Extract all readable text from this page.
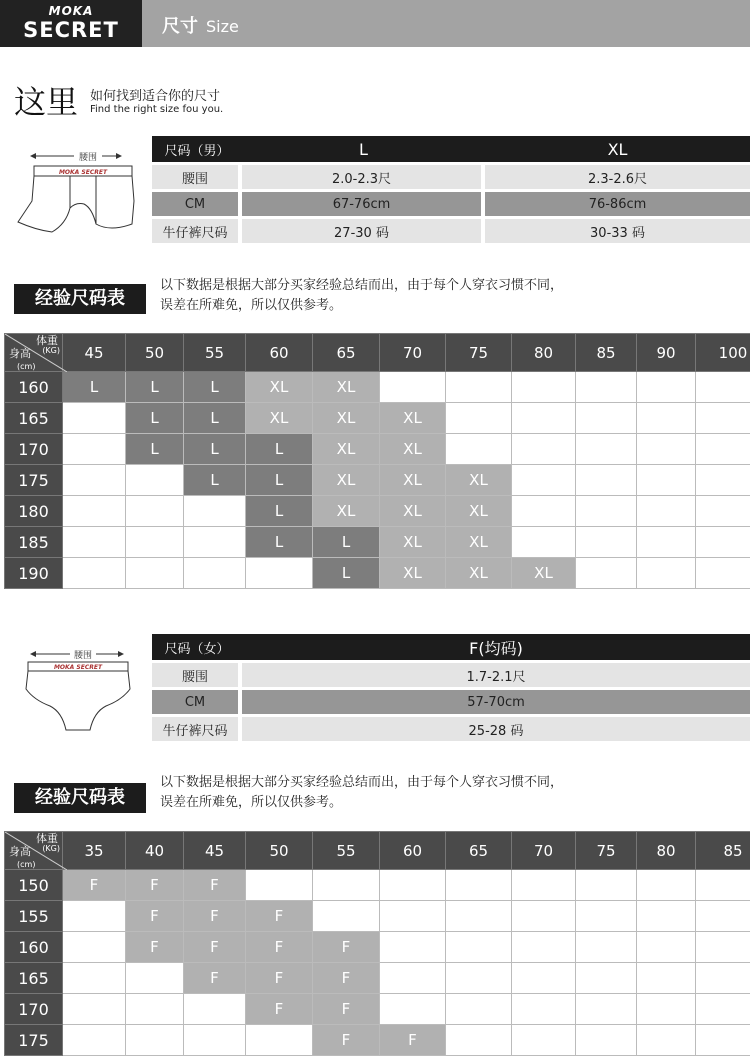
MOKA
SECRET	尺寸 Size
这里 如何找到适合你的尺寸
Find the right size fou you.
腰围
MOKA SECRET
尺码（男）	L	XL
腰围	2.0-2.3尺	2.3-2.6尺
CM	67-76cm	76-86cm
牛仔裤尺码	27-30 码	30-33 码
经验尺码表
以下数据是根据大部分买家经验总结而出，由于每个人穿衣习惯不同，
误差在所难免，所以仅供参考。
体重
(KG)
身高
(cm)	45	50	55	60	65	70	75	80	85	90	100
160	L	L	L	XL	XL						
165		L	L	XL	XL	XL					
170		L	L	L	XL	XL					
175			L	L	XL	XL	XL				
180				L	XL	XL	XL				
185				L	L	XL	XL				
190					L	XL	XL	XL			
腰围
MOKA SECRET
尺码（女）	F(均码)
腰围	1.7-2.1尺
CM	57-70cm
牛仔裤尺码	25-28 码
经验尺码表
以下数据是根据大部分买家经验总结而出，由于每个人穿衣习惯不同，
误差在所难免，所以仅供参考。
体重
(KG)
身高
(cm)	35	40	45	50	55	60	65	70	75	80	85
150	F	F	F								
155		F	F	F							
160		F	F	F	F						
165			F	F	F						
170				F	F						
175					F	F					
